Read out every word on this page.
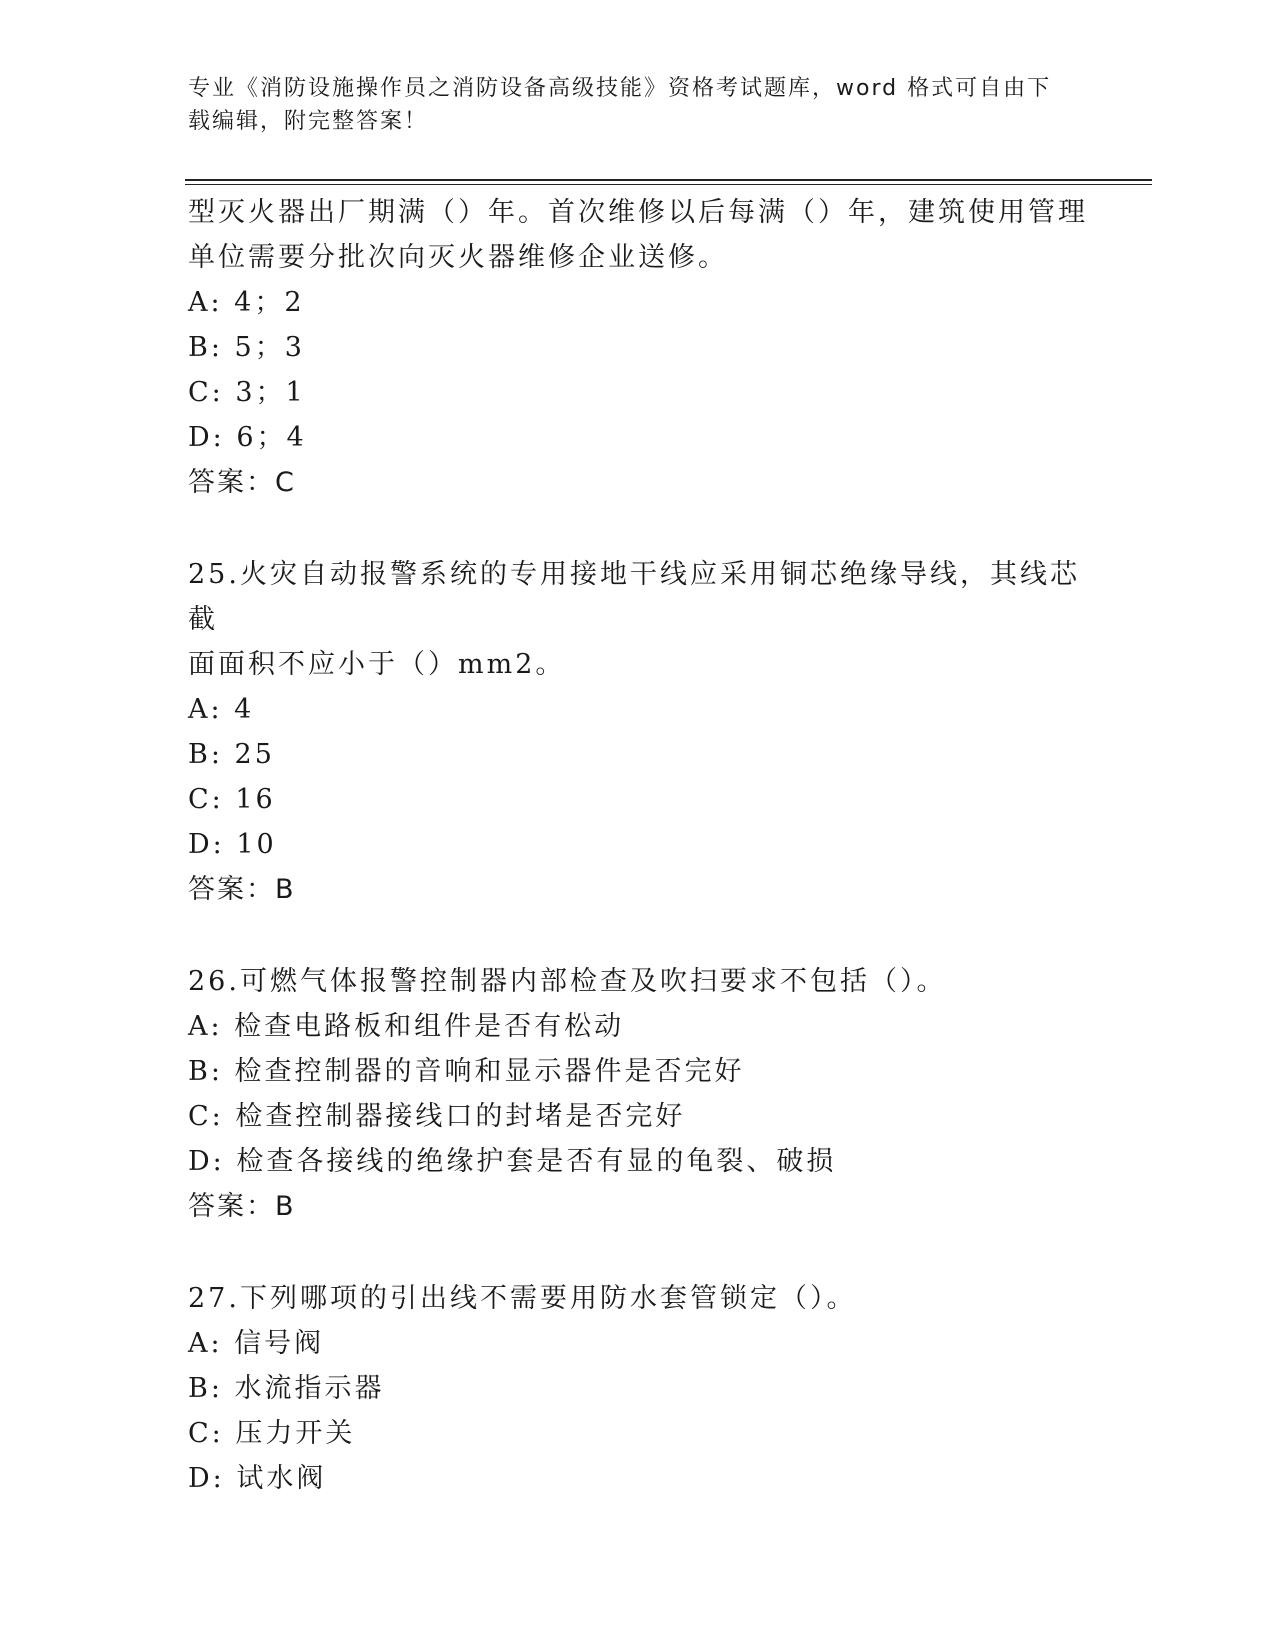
专业《消防设施操作员之消防设备高级技能》资格考试题库，word 格式可自由下
载编辑，附完整答案！

型灭火器出厂期满（）年。首次维修以后每满（）年，建筑使用管理

单位需要分批次向灭火器维修企业送修。

A: 4；2

B: 5；3

C: 3；1

D: 6；4

答案：C

25.火灾自动报警系统的专用接地干线应采用铜芯绝缘导线，其线芯截

面面积不应小于（）mm2。

A: 4

B: 25

C: 16

D: 10

答案：B

26.可燃气体报警控制器内部检查及吹扫要求不包括（）。

A: 检查电路板和组件是否有松动

B: 检查控制器的音响和显示器件是否完好

C: 检查控制器接线口的封堵是否完好

D: 检查各接线的绝缘护套是否有显的龟裂、破损

答案：B

27.下列哪项的引出线不需要用防水套管锁定（）。

A: 信号阀

B: 水流指示器

C: 压力开关

D: 试水阀
